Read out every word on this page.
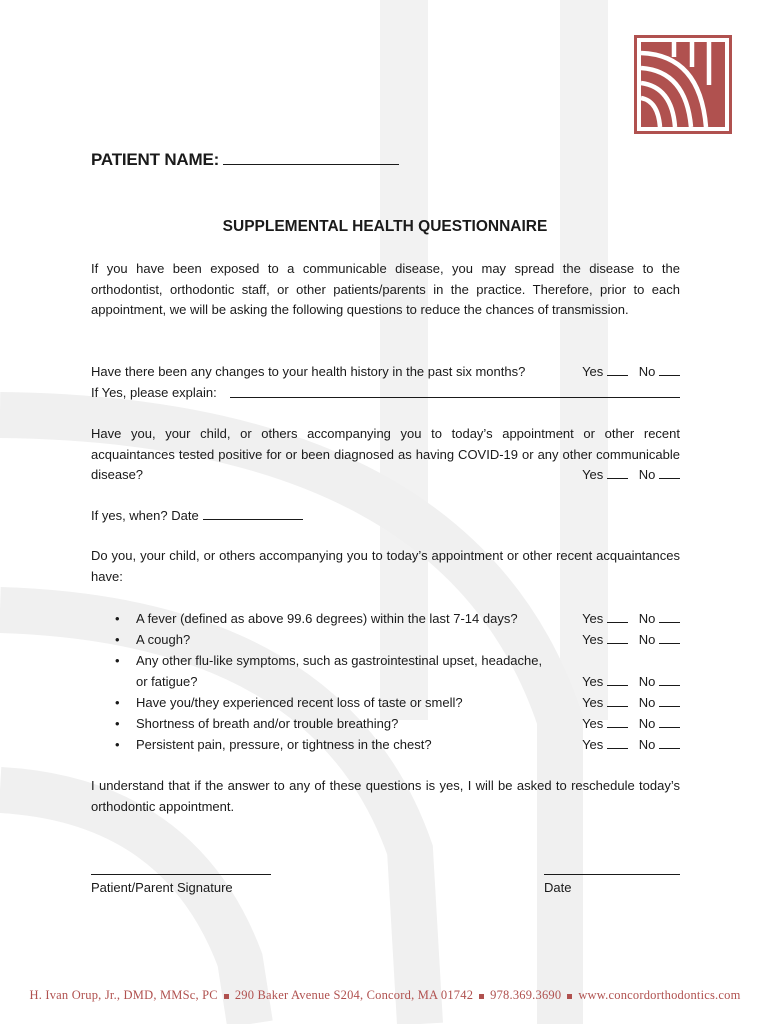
PATIENT NAME:
SUPPLEMENTAL HEALTH QUESTIONNAIRE
If you have been exposed to a communicable disease, you may spread the disease to the orthodontist, orthodontic staff, or other patients/parents in the practice. Therefore, prior to each appointment, we will be asking the following questions to reduce the chances of transmission.
Have there been any changes to your health history in the past six months?	Yes	No
If Yes, please explain:
Have you, your child, or others accompanying you to today’s appointment or other recent acquaintances tested positive for or been diagnosed as having COVID-19 or any other communicable disease?	Yes	No
If yes, when? Date
Do you, your child, or others accompanying you to today’s appointment or other recent acquaintances have:
• A fever (defined as above 99.6 degrees) within the last 7-14 days?	Yes	No
• A cough?	Yes	No
• Any other flu-like symptoms, such as gastrointestinal upset, headache,
or fatigue?	Yes	No
• Have you/they experienced recent loss of taste or smell?	Yes	No
• Shortness of breath and/or trouble breathing?	Yes	No
• Persistent pain, pressure, or tightness in the chest?	Yes	No
I understand that if the answer to any of these questions is yes, I will be asked to reschedule today’s orthodontic appointment.
Patient/Parent Signature	Date
H. Ivan Orup, Jr., DMD, MMSc, PC 290 Baker Avenue S204, Concord, MA 01742 978.369.3690 www.concordorthodontics.com
